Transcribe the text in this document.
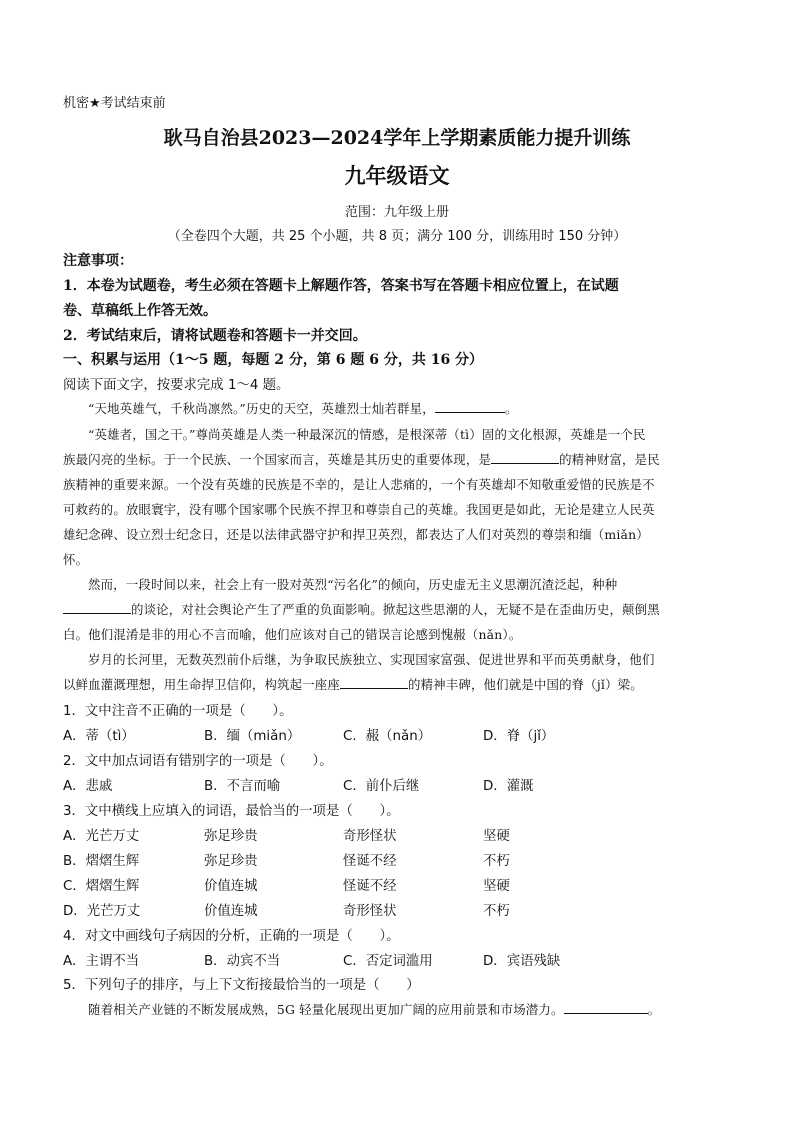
机密★考试结束前
耿马自治县2023—2024学年上学期素质能力提升训练
九年级语文
范围：九年级上册
（全卷四个大题，共 25 个小题，共 8 页；满分 100 分，训练用时 150 分钟）
注意事项：
1．本卷为试题卷，考生必须在答题卡上解题作答，答案书写在答题卡相应位置上，在试题
卷、草稿纸上作答无效。
2．考试结束后，请将试题卷和答题卡一并交回。
一、积累与运用（1～5 题，每题 2 分，第 6 题 6 分，共 16 分）
阅读下面文字，按要求完成 1～4 题。
“天地英雄气，千秋尚凛然。”历史的天空，英雄烈士灿若群星，	。
“英雄者，国之干。”尊尚英雄是人类一种最深沉的情感，是根深蒂（tì）固的文化根源，英雄是一个民
族最闪亮的坐标。于一个民族、一个国家而言，英雄是其历史的重要体现，是	的精神财富，是民
族精神的重要来源。一个没有英雄的民族是不幸的，是让人悲痛的，一个有英雄却不知敬重爱惜的民族是不
可救药的。放眼寰宇，没有哪个国家哪个民族不捍卫和尊崇自己的英雄。我国更是如此，无论是建立人民英
雄纪念碑、设立烈士纪念日，还是以法律武器守护和捍卫英烈，都表达了人们对英烈的尊崇和缅（miǎn）
怀。
然而，一段时间以来，社会上有一股对英烈“污名化”的倾向，历史虚无主义思潮沉渣泛起，种种
的谈论，对社会舆论产生了严重的负面影响。掀起这些思潮的人，无疑不是在歪曲历史，颠倒黑
白。他们混淆是非的用心不言而喻，他们应该对自己的错误言论感到愧赧（nǎn）。
岁月的长河里，无数英烈前仆后继，为争取民族独立、实现国家富强、促进世界和平而英勇献身，他们
以鲜血灌溉理想，用生命捍卫信仰，构筑起一座座	的精神丰碑，他们就是中国的脊（jǐ）梁。
1．文中注音不正确的一项是（　　）。
A．蒂（tì）	B．缅（miǎn）	C．赧（nǎn）	D．脊（jǐ）
2．文中加点词语有错别字的一项是（　　）。
A．悲戚	B．不言而喻	C．前仆后继	D．灌溉
3．文中横线上应填入的词语，最恰当的一项是（　　）。
A．光芒万丈	弥足珍贵	奇形怪状	坚硬
B．熠熠生辉	弥足珍贵	怪诞不经	不朽
C．熠熠生辉	价值连城	怪诞不经	坚硬
D．光芒万丈	价值连城	奇形怪状	不朽
4．对文中画线句子病因的分析，正确的一项是（　　）。
A．主谓不当	B．动宾不当	C．否定词滥用	D．宾语残缺
5．下列句子的排序，与上下文衔接最恰当的一项是（　　）
随着相关产业链的不断发展成熟，5G 轻量化展现出更加广阔的应用前景和市场潜力。	。
